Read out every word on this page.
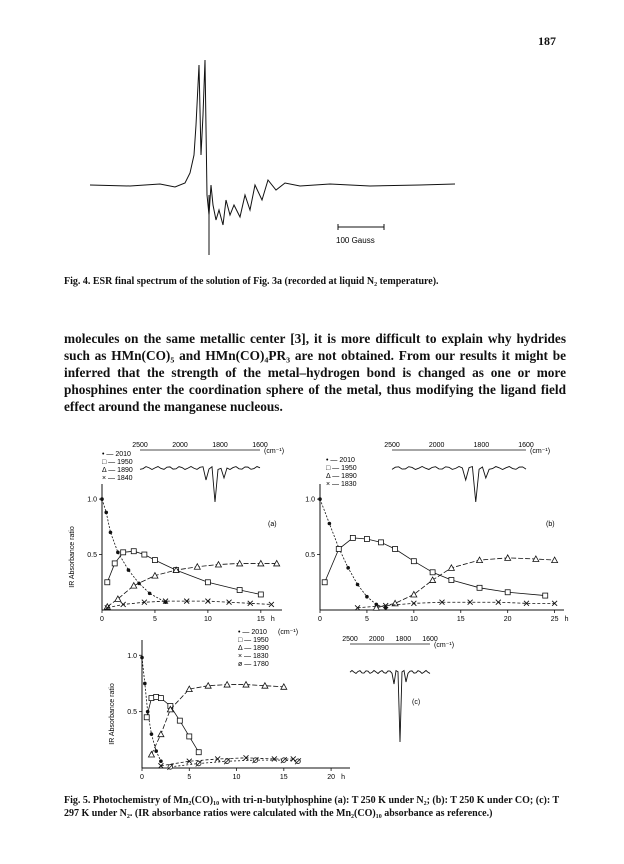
187
100 Gauss
Fig. 4. ESR final spectrum of the solution of Fig. 3a (recorded at liquid N₂ temperature).
molecules on the same metallic center [3], it is more difficult to explain why hydrides such as HMn(CO)₅ and HMn(CO)₄PR₃ are not obtained. From our results it might be inferred that the strength of the metal–hydrogen bond is changed as one or more phosphines enter the coordination sphere of the metal, thus modifying the ligand field effect around the manganese nucleous.
0	5	10	15 h
0.5
1.0
IR Absorbance ratio
2500	2000	1800	1600
(cm⁻¹)
(a)
• — 2010
□ — 1950
Δ — 1890
× — 1840
0	5	10	15	20	25 h
0.5
1.0
2500	2000	1800	1600
(cm⁻¹)
(b)
• — 2010
□ — 1950
Δ — 1890
× — 1830
0	5	10	15	20 h
0.5
1.0
IR Absorbance ratio
2500 2000 1800 1600
(cm⁻¹)
(c)
• — 2010
□ — 1950
Δ — 1890
× — 1830
ø — 1780
(cm⁻¹)
Fig. 5. Photochemistry of Mn₂(CO)₁₀ with tri-n-butylphosphine (a): T 250 K under N₂; (b): T 250 K under CO; (c): T 297 K under N₂. (IR absorbance ratios were calculated with the Mn₂(CO)₁₀ absorbance as reference.)
